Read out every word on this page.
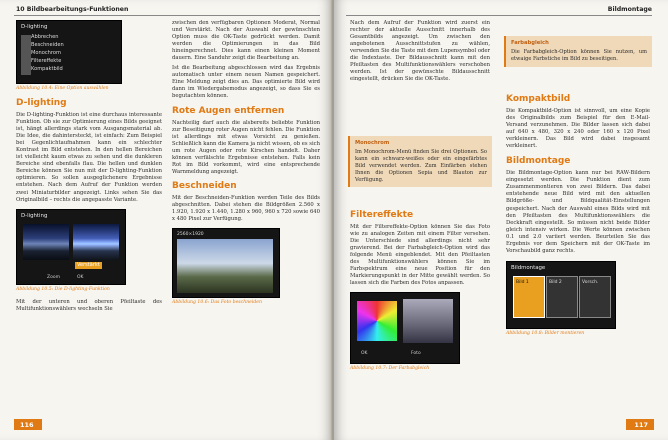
10 Bildbearbeitungs-Funktionen
D-lighting
Abbrechen
Beschneiden
Monochrom
Filtereffekte
Kompaktbild
Abbildung 10.4: Eine Option auswählen
D-lighting

Die D-lighting-Funktion ist eine durchaus interessante Funktion. Ob sie zur Optimierung eines Bilds geeignet ist, hängt allerdings stark vom Ausgangsmaterial ab. Die Idee, die dahintersteckt, ist einfach: Zum Beispiel bei Gegenlichtaufnahmen kann ein schlechter Kontrast im Bild entstehen. In den hellen Bereichen ist vielleicht kaum etwas zu sehen und die dunkleren Bereiche sind ebenfalls flau. Die hellen und dunklen Bereiche können Sie nun mit der D-lighting-Funktion optimieren. So sollen ausgeglichenere Ergebnisse entstehen. Nach dem Aufruf der Funktion werden zwei Miniaturbilder angezeigt. Links sehen Sie das Originalbild – rechts die angepasste Variante.

D-lighting
Verstärkt
Zoom	OK
Abbildung 10.5: Die D-lighting-Funktion

Mit der unteren und oberen Pfeiltaste des Multifunktionswählers wechseln Sie

zwischen den verfügbaren Optionen Moderat, Normal und Verstärkt. Nach der Auswahl der gewünschten Option muss die OK-Taste gedrückt werden. Damit werden die Optimierungen in das Bild hineingerechnet. Dies kann einen kleinen Moment dauern. Eine Sanduhr zeigt die Bearbeitung an.

Ist die Bearbeitung abgeschlossen wird das Ergebnis automatisch unter einem neuen Namen gespeichert. Eine Meldung zeigt dies an. Das optimierte Bild wird dann im Wiedergabemodus angezeigt, so dass Sie es begutachten können.

Rote Augen entfernen

Nachteilig darf auch die alsbereits beliebte Funktion zur Beseitigung roter Augen nicht fehlen. Die Funktion ist allerdings mit etwas Vorsicht zu genießen. Schließlich kann die Kamera ja nicht wissen, ob es sich um rote Augen oder rote Kirschen handelt. Daher können verfälschte Ergebnisse entstehen. Falls kein Rot im Bild vorkommt, wird eine entsprechende Warnmeldung angezeigt.

Beschneiden

Mit der Beschneiden-Funktion werden Teile des Bilds abgeschnitten. Dabei stehen die Bildgrößen 2.560 x 1.920, 1.920 x 1.440, 1.280 x 960, 960 x 720 sowie 640 x 480 Pixel zur Verfügung.

2560×1920
Abbildung 10.6: Das Foto beschneiden
116
Bildmontage

Nach dem Aufruf der Funktion wird zuerst ein rechter der aktuelle Ausschnitt innerhalb des Gesamtbilds angezeigt. Um zwischen den angebotenen Ausschnittstufen zu wählen, verwenden Sie die Taste mit dem Lupensymbol oder die Indextaste. Der Bildausschnitt kann mit den Pfeiltasten des Multifunktionswählers verschoben werden. Ist der gewünschte Bildausschnitt eingestellt, drücken Sie die OK-Taste.

Monochrom
Im Monochrom-Menü finden Sie drei Optionen. So kann ein schwarz-weißes oder ein eingefärbtes Bild verwendet werden. Zum Einfärben stehen Ihnen die Optionen Sepia und Blauton zur Verfügung.
Filtereffekte

Mit der Filtereffekte-Option können Sie das Foto wie zu analogen Zeiten mit einem Filter versehen. Die Unterschiede sind allerdings nicht sehr gravierend. Bei der Farbabgleich-Option wird das folgende Menü eingeblendet. Mit den Pfeiltasten des Multifunktionswählers können Sie im Farbspektrum eine neue Position für den Markierungspunkt in der Mitte gewählt werden. So lassen sich die Farben des Fotos anpassen.

OK	Foto
Abbildung 10.7: Der Farbabgleich
Farbabgleich
Die Farbabgleich-Option können Sie nutzen, um etwaige Farbstiche im Bild zu beseitigen.
Kompaktbild

Die Kompaktbild-Option ist sinnvoll, um eine Kopie des Originalbilds zum Beispiel für den E-Mail-Versand verzunehmen. Die Bilder lassen sich dabei auf 640 x 480, 320 x 240 oder 160 x 120 Pixel verkleinern. Das Bild wird dabei insgesamt verkleinert.

Bildmontage

Die Bildmontage-Option kann nur bei RAW-Bildern eingesetzt werden. Die Funktion dient zum Zusammenmontieren von zwei Bildern. Das dabei entstehende neue Bild wird mit den aktuellen Bildgröße- und Bildqualität-Einstellungen gespeichert. Nach der Auswahl eines Bilds wird mit den Pfeiltasten des Multifunktionswählers die Deckkraft eingestellt. So müssen nicht beide Bilder gleich intensiv wirken. Die Werte können zwischen 0.1 und 2.0 variiert werden. Beurteilen Sie das Ergebnis vor dem Speichern mit der OK-Taste im Vorschaubild ganz rechts.

Bildmontage
Bild 1	Bild 2	Vorsch.
Abbildung 10.8: Bilder montieren
117
